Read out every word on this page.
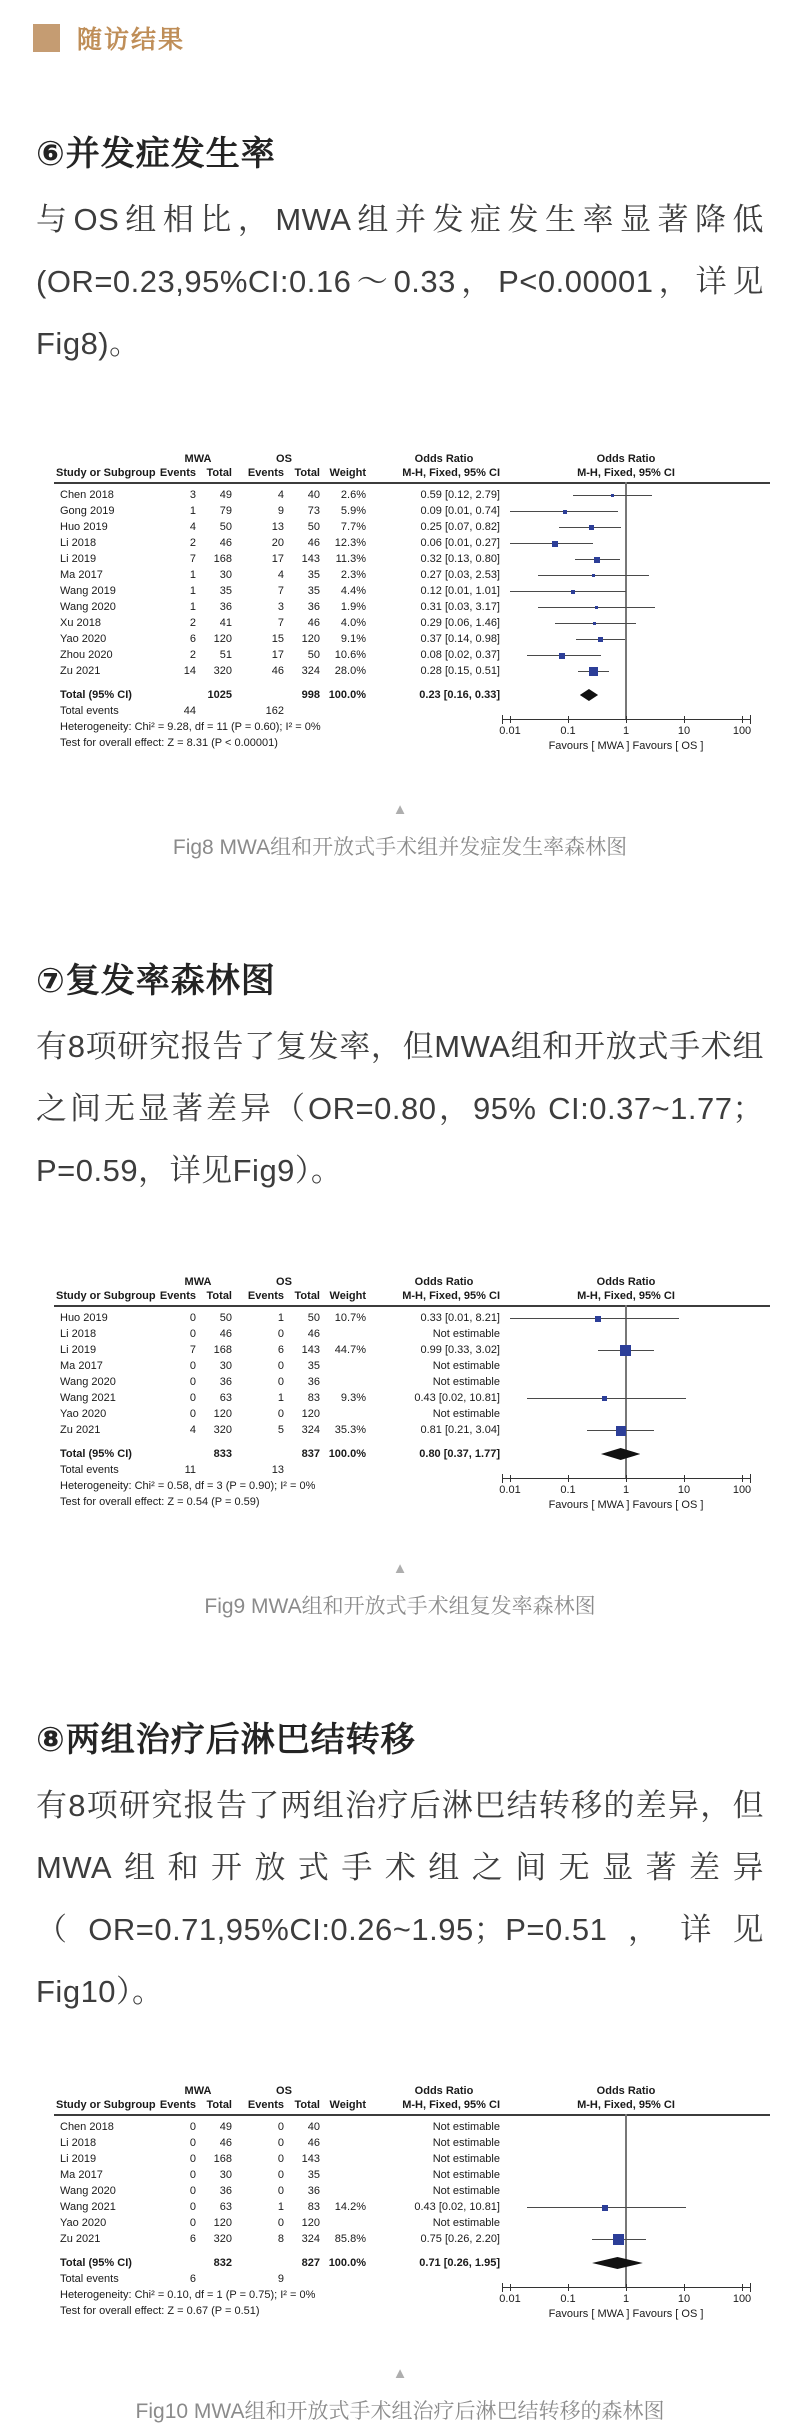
随访结果
⑥并发症发生率

与OS组相比，MWA组并发症发生率显著降低(OR=0.23,95%CI:0.16～0.33，P<0.00001，详见Fig8)。

MWA	OS	Odds Ratio	Odds Ratio
Study or Subgroup Events Total Events Total Weight	M-H, Fixed, 95% CI	M-H, Fixed, 95% CI
Chen 2018	3 49	4 40 2.6%	0.59 [0.12, 2.79]
Gong 2019	1 79	9 73 5.9%	0.09 [0.01, 0.74]
Huo 2019	4 50	13 50 7.7%	0.25 [0.07, 0.82]
Li 2018	2 46	20 46 12.3%	0.06 [0.01, 0.27]
Li 2019	7 168	17 143 11.3%	0.32 [0.13, 0.80]
Ma 2017	1 30	4 35 2.3%	0.27 [0.03, 2.53]
Wang 2019	1 35	7 35 4.4%	0.12 [0.01, 1.01]
Wang 2020	1 36	3 36 1.9%	0.31 [0.03, 3.17]
Xu 2018	2 41	7 46 4.0%	0.29 [0.06, 1.46]
Yao 2020	6 120	15 120 9.1%	0.37 [0.14, 0.98]
Zhou 2020	2 51	17 50 10.6%	0.08 [0.02, 0.37]
Zu 2021	14 320	46 324 28.0%	0.28 [0.15, 0.51]
Total (95% CI)	1025	998 100.0%	0.23 [0.16, 0.33]
Total events	44	162
Heterogeneity: Chi² = 9.28, df = 11 (P = 0.60); I² = 0%
Test for overall effect: Z = 8.31 (P < 0.00001)
0.01	0.1	1	10	100
Favours [ MWA ] Favours [ OS ]
▲
Fig8 MWA组和开放式手术组并发症发生率森林图
⑦复发率森林图

有8项研究报告了复发率，但MWA组和开放式手术组之间无显著差异（OR=0.80，95% CI:0.37~1.77；P=0.59，详见Fig9）。

MWA	OS	Odds Ratio	Odds Ratio
Study or Subgroup Events Total Events Total Weight	M-H, Fixed, 95% CI	M-H, Fixed, 95% CI
Huo 2019	0 50	1 50 10.7%	0.33 [0.01, 8.21]
Li 2018	0 46	0 46	Not estimable
Li 2019	7 168	6 143 44.7%	0.99 [0.33, 3.02]
Ma 2017	0 30	0 35	Not estimable
Wang 2020	0 36	0 36	Not estimable
Wang 2021	0 63	1 83 9.3%	0.43 [0.02, 10.81]
Yao 2020	0 120	0 120	Not estimable
Zu 2021	4 320	5 324 35.3%	0.81 [0.21, 3.04]
Total (95% CI)	833	837 100.0%	0.80 [0.37, 1.77]
Total events	11	13
Heterogeneity: Chi² = 0.58, df = 3 (P = 0.90); I² = 0%
Test for overall effect: Z = 0.54 (P = 0.59)
0.01	0.1	1	10	100
Favours [ MWA ] Favours [ OS ]
▲
Fig9 MWA组和开放式手术组复发率森林图
⑧两组治疗后淋巴结转移

有8项研究报告了两组治疗后淋巴结转移的差异，但MWA组和开放式手术组之间无显著差异（OR=0.71,95%CI:0.26~1.95；P=0.51，详见Fig10）。

MWA	OS	Odds Ratio	Odds Ratio
Study or Subgroup Events Total Events Total Weight	M-H, Fixed, 95% CI	M-H, Fixed, 95% CI
Chen 2018	0 49	0 40	Not estimable
Li 2018	0 46	0 46	Not estimable
Li 2019	0 168	0 143	Not estimable
Ma 2017	0 30	0 35	Not estimable
Wang 2020	0 36	0 36	Not estimable
Wang 2021	0 63	1 83 14.2%	0.43 [0.02, 10.81]
Yao 2020	0 120	0 120	Not estimable
Zu 2021	6 320	8 324 85.8%	0.75 [0.26, 2.20]
Total (95% CI)	832	827 100.0%	0.71 [0.26, 1.95]
Total events	6	9
Heterogeneity: Chi² = 0.10, df = 1 (P = 0.75); I² = 0%
Test for overall effect: Z = 0.67 (P = 0.51)
0.01	0.1	1	10	100
Favours [ MWA ] Favours [ OS ]
▲
Fig10 MWA组和开放式手术组治疗后淋巴结转移的森林图
